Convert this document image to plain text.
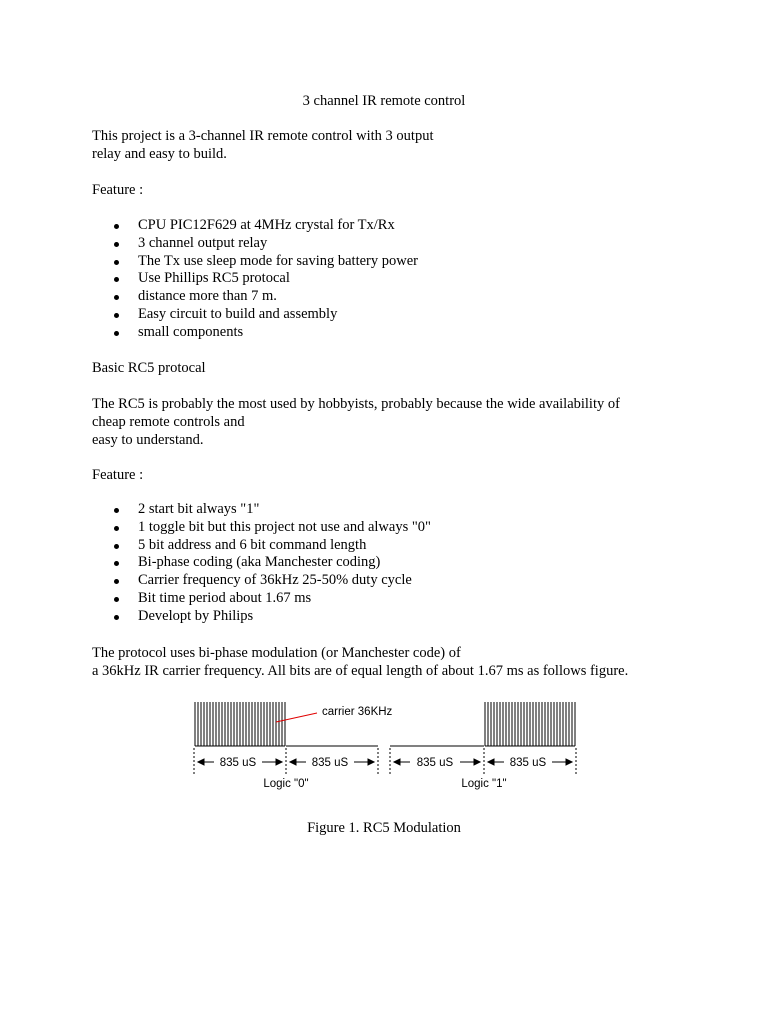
3 channel IR remote control

This project is a 3-channel IR remote control with 3 output
relay and easy to build.

Feature :

CPU PIC12F629 at 4MHz crystal for Tx/Rx
3 channel output relay
The Tx use sleep mode for saving battery power
Use Phillips RC5 protocal
distance more than 7 m.
Easy circuit to build and assembly
small components

Basic RC5 protocal

The RC5 is probably the most used by hobbyists, probably because the wide availability of
cheap remote controls and
easy to understand.

Feature :

2 start bit always "1"
1 toggle bit but this project not use and always "0"
5 bit address and 6 bit command length
Bi-phase coding (aka Manchester coding)
Carrier frequency of 36kHz 25-50% duty cycle
Bit time period about 1.67 ms
Developt by Philips

The protocol uses bi-phase modulation (or Manchester code) of
a 36kHz IR carrier frequency. All bits are of equal length of about 1.67 ms as follows figure.

carrier 36KHz
835 uS	835 uS	835 uS	835 uS
Logic "0"	Logic "1"
Figure 1. RC5 Modulation
